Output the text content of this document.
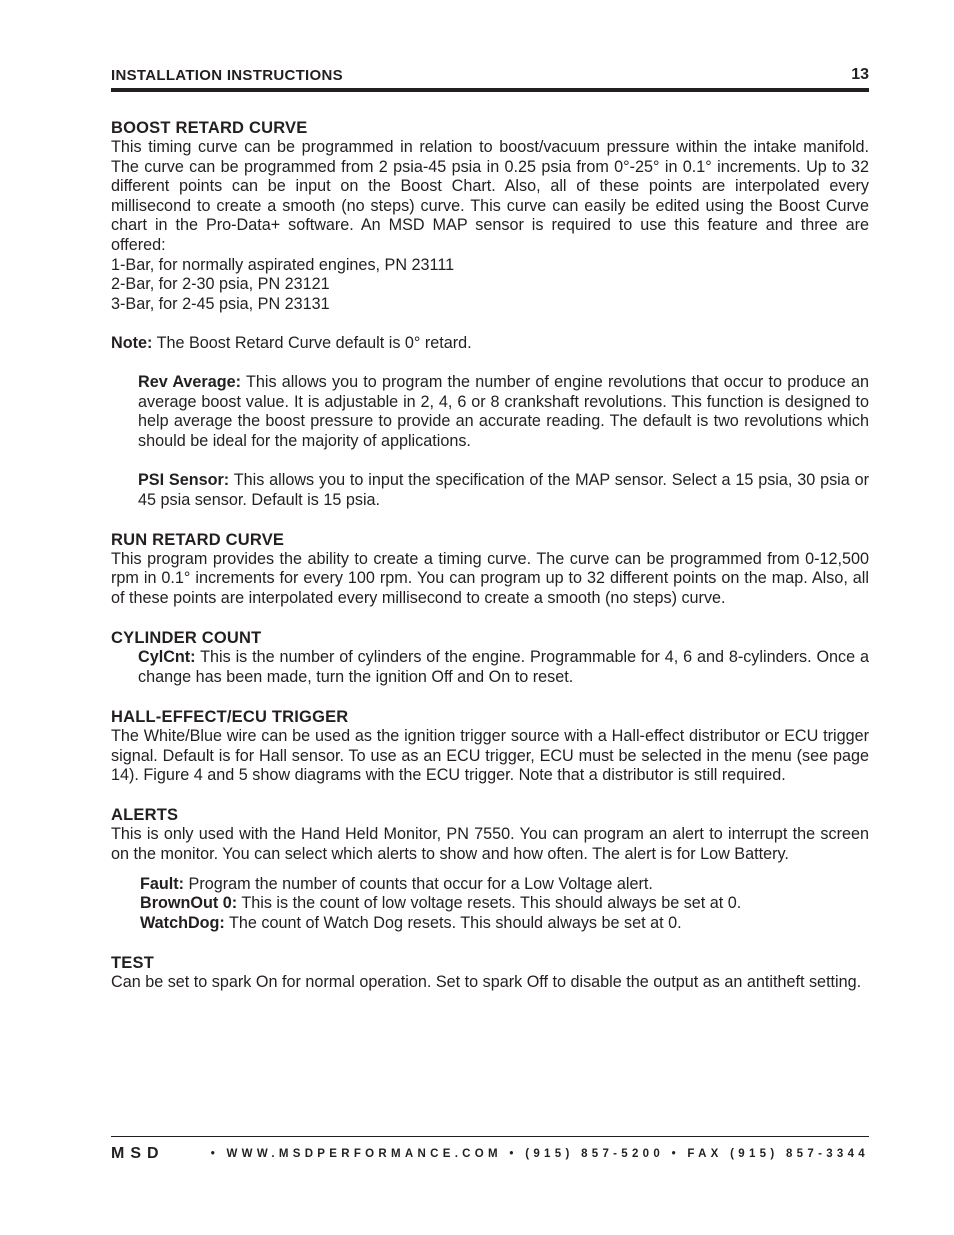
INSTALLATION INSTRUCTIONS	13
BOOST RETARD CURVE

This timing curve can be programmed in relation to boost/vacuum pressure within the intake manifold. The curve can be programmed from 2 psia-45 psia in 0.25 psia from 0°-25° in 0.1° increments. Up to 32 different points can be input on the Boost Chart. Also, all of these points are interpolated every millisecond to create a smooth (no steps) curve. This curve can easily be edited using the Boost Curve chart in the Pro-Data+ software. An MSD MAP sensor is required to use this feature and three are offered:

1-Bar, for normally aspirated engines, PN 23111
2-Bar, for 2-30 psia, PN 23121
3-Bar, for 2-45 psia, PN 23131

Note: The Boost Retard Curve default is 0° retard.

Rev Average: This allows you to program the number of engine revolutions that occur to produce an average boost value. It is adjustable in 2, 4, 6 or 8 crankshaft revolutions. This function is designed to help average the boost pressure to provide an accurate reading. The default is two revolutions which should be ideal for the majority of applications.

PSI Sensor: This allows you to input the specification of the MAP sensor. Select a 15 psia, 30 psia or 45 psia sensor. Default is 15 psia.

RUN RETARD CURVE

This program provides the ability to create a timing curve. The curve can be programmed from 0-12,500 rpm in 0.1° increments for every 100 rpm. You can program up to 32 different points on the map. Also, all of these points are interpolated every millisecond to create a smooth (no steps) curve.

CYLINDER COUNT

CylCnt: This is the number of cylinders of the engine. Programmable for 4, 6 and 8-cylinders. Once a change has been made, turn the ignition Off and On to reset.

HALL-EFFECT/ECU TRIGGER

The White/Blue wire can be used as the ignition trigger source with a Hall-effect distributor or ECU trigger signal. Default is for Hall sensor. To use as an ECU trigger, ECU must be selected in the menu (see page 14). Figure 4 and 5 show diagrams with the ECU trigger. Note that a distributor is still required.

ALERTS

This is only used with the Hand Held Monitor, PN 7550. You can program an alert to interrupt the screen on the monitor. You can select which alerts to show and how often. The alert is for Low Battery.

Fault: Program the number of counts that occur for a Low Voltage alert.

BrownOut 0: This is the count of low voltage resets. This should always be set at 0.

WatchDog: The count of Watch Dog resets. This should always be set at 0.

TEST

Can be set to spark On for normal operation. Set to spark Off to disable the output as an antitheft setting.

MSD	• WWW.MSDPERFORMANCE.COM • (915) 857-5200 • FAX (915) 857-3344
